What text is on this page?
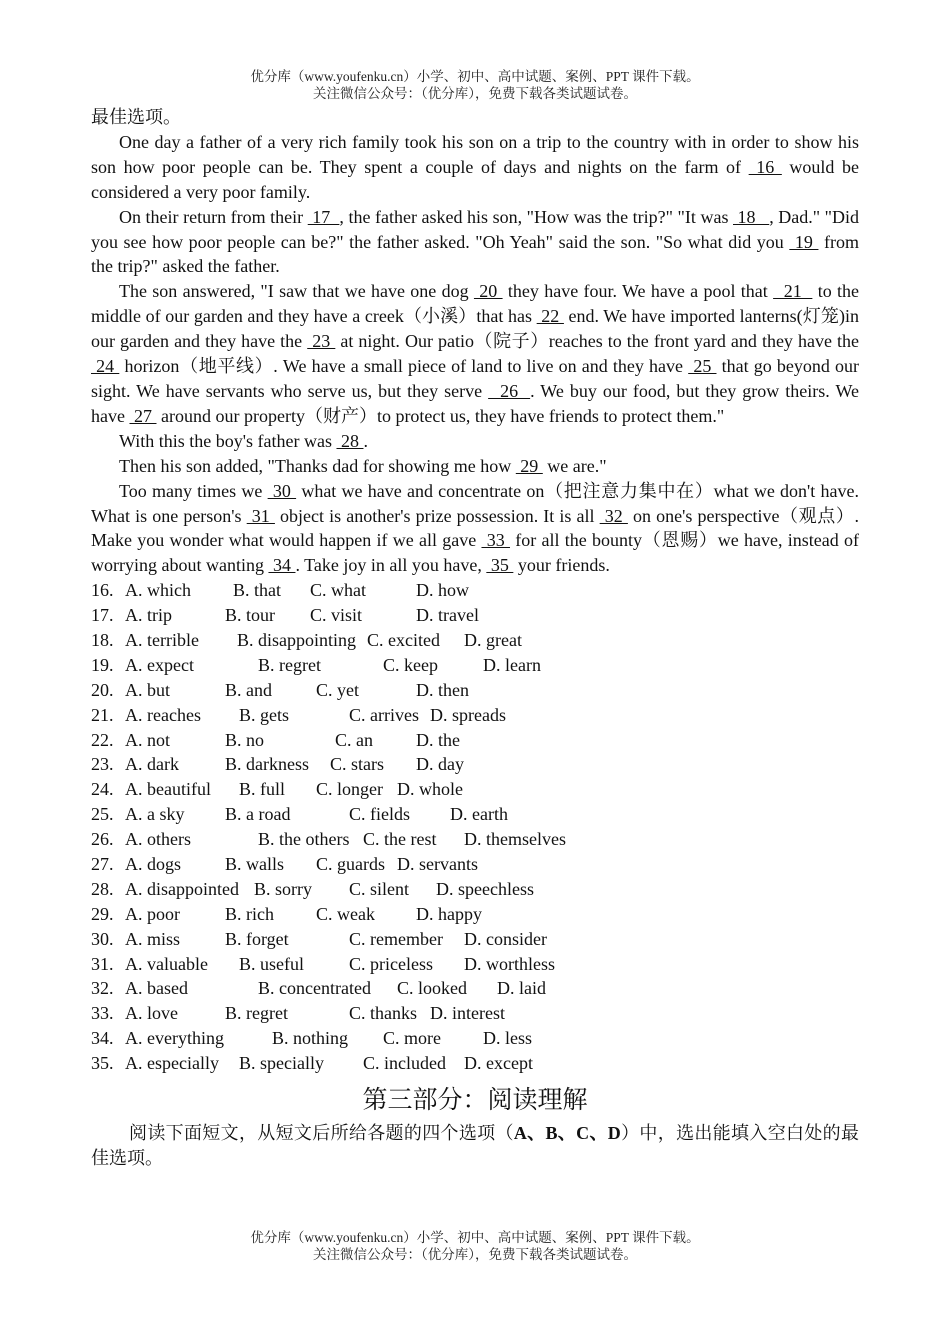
优分库（www.youfenku.cn）小学、初中、高中试题、案例、PPT 课件下载。
关注微信公众号：（优分库），免费下载各类试题试卷。

最佳选项。

One day a father of a very rich family took his son on a trip to the country with in order to show his son how poor people can be. They spent a couple of days and nights on the farm of  16  would be considered a very poor family.

On their return from their  17  , the father asked his son, "How was the trip?" "It was  18   , Dad." "Did you see how poor people can be?" the father asked. "Oh Yeah" said the son. "So what did you  19  from the trip?" asked the father.

The son answered, "I saw that we have one dog  20  they have four. We have a pool that   21   to the middle of our garden and they have a creek（小溪）that has  22  end. We have imported lanterns(灯笼)in our garden and they have the  23  at night. Our patio（院子）reaches to the front yard and they have the  24  horizon（地平线）. We have a small piece of land to live on and they have  25  that go beyond our sight. We have servants who serve us, but they serve   26  . We buy our food, but they grow theirs. We have  27  around our property（财产）to protect us, they have friends to protect them."

With this the boy's father was  28 .

Then his son added, "Thanks dad for showing me how  29  we are."

Too many times we  30  what we have and concentrate on（把注意力集中在）what we don't have. What is one person's  31  object is another's prize possession. It is all  32  on one's perspective（观点）. Make you wonder what would happen if we all gave  33  for all the bounty（恩赐）we have, instead of worrying about wanting  34 . Take joy in all you have,  35  your friends.

16. A. which B. that C. what	D. how
17. A. trip	B. tour C. visit	D. travel
18. A. terrible B. disappointing C. excited D. great
19. A. expect	B. regret	C. keep	D. learn
20. A. but	B. and C. yet	D. then
21. A. reaches B. gets	C. arrives D. spreads
22. A. not	B. no	C. an D. the
23. A. dark	B. darkness C. stars D. day
24. A. beautiful B. full C. longer D. whole
25. A. a sky B. a road	C. fields D. earth
26. A. others	B. the others C. the rest D. themselves
27. A. dogs B. walls C. guards D. servants
28. A. disappointed B. sorry C. silent D. speechless
29. A. poor	B. rich C. weak D. happy
30. A. miss B. forget	C. remember D. consider
31. A. valuable B. useful	C. priceless D. worthless
32. A. based	B. concentrated C. looked D. laid
33. A. love	B. regret	C. thanks D. interest
34. A. everything	B. nothing C. more D. less
35. A. especially B. specially C. included D. except
第三部分：阅读理解

阅读下面短文，从短文后所给各题的四个选项（A、B、C、D）中，选出能填入空白处的最佳选项。

优分库（www.youfenku.cn）小学、初中、高中试题、案例、PPT 课件下载。
关注微信公众号：（优分库），免费下载各类试题试卷。
